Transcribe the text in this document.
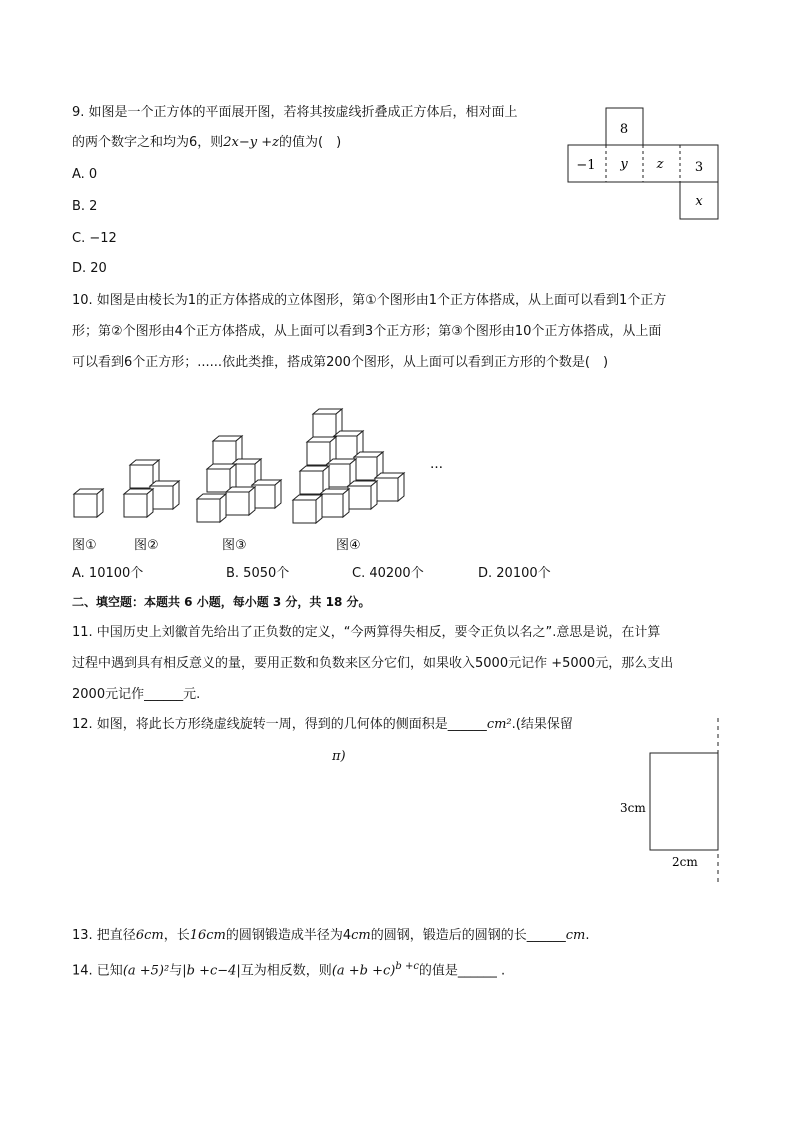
9. 如图是一个正方体的平面展开图，若将其按虚线折叠成正方体后，相对面上
的两个数字之和均为6，则2x−y +z的值为(　)
A. 0
B. 2
C. −12
D. 20
8
−1 y z 3
x
10. 如图是由棱长为1的正方体搭成的立体图形，第①个图形由1个正方体搭成，从上面可以看到1个正方
形；第②个图形由4个正方体搭成，从上面可以看到3个正方形；第③个图形由10个正方体搭成，从上面
可以看到6个正方形；......依此类推，搭成第200个图形，从上面可以看到正方形的个数是(　)
…
图①	图②	图③	图④
A. 10100个	B. 5050个	C. 40200个	D. 20100个
二、填空题：本题共 6 小题，每小题 3 分，共 18 分。
11. 中国历史上刘徽首先给出了正负数的定义，“今两算得失相反，要令正负以名之”.意思是说，在计算
过程中遇到具有相反意义的量，要用正数和负数来区分它们，如果收入5000元记作 +5000元，那么支出
2000元记作______元.
12. 如图，将此长方形绕虚线旋转一周，得到的几何体的侧面积是______cm².(结果保留
π)
3cm
2cm
13. 把直径6cm，长16cm的圆钢锻造成半径为4cm的圆钢，锻造后的圆钢的长______cm.
14. 已知(a +5)²与|b +c−4|互为相反数，则$(a +b +c)^{b +c}$的值是______ .
